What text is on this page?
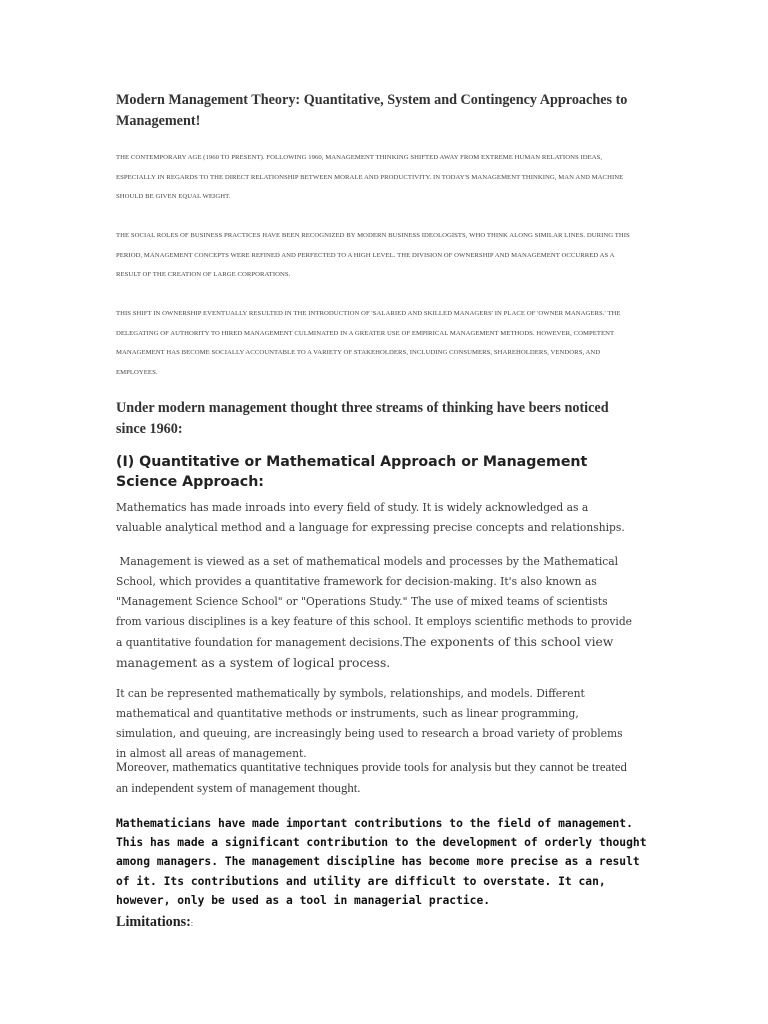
Modern Management Theory: Quantitative, System and Contingency Approaches to Management!

THE CONTEMPORARY AGE (1960 TO PRESENT). FOLLOWING 1960, MANAGEMENT THINKING SHIFTED AWAY FROM EXTREME HUMAN RELATIONS IDEAS, ESPECIALLY IN REGARDS TO THE DIRECT RELATIONSHIP BETWEEN MORALE AND PRODUCTIVITY. IN TODAY'S MANAGEMENT THINKING, MAN AND MACHINE SHOULD BE GIVEN EQUAL WEIGHT.

THE SOCIAL ROLES OF BUSINESS PRACTICES HAVE BEEN RECOGNIZED BY MODERN BUSINESS IDEOLOGISTS, WHO THINK ALONG SIMILAR LINES. DURING THIS PERIOD, MANAGEMENT CONCEPTS WERE REFINED AND PERFECTED TO A HIGH LEVEL. THE DIVISION OF OWNERSHIP AND MANAGEMENT OCCURRED AS A RESULT OF THE CREATION OF LARGE CORPORATIONS.

THIS SHIFT IN OWNERSHIP EVENTUALLY RESULTED IN THE INTRODUCTION OF 'SALARIED AND SKILLED MANAGERS' IN PLACE OF 'OWNER MANAGERS.' THE DELEGATING OF AUTHORITY TO HIRED MANAGEMENT CULMINATED IN A GREATER USE OF EMPIRICAL MANAGEMENT METHODS. HOWEVER, COMPETENT MANAGEMENT HAS BECOME SOCIALLY ACCOUNTABLE TO A VARIETY OF STAKEHOLDERS, INCLUDING CONSUMERS, SHAREHOLDERS, VENDORS, AND EMPLOYEES.

Under modern management thought three streams of thinking have beers noticed since 1960:
(I) Quantitative or Mathematical Approach or Management Science Approach:

Mathematics has made inroads into every field of study. It is widely acknowledged as a valuable analytical method and a language for expressing precise concepts and relationships.

Management is viewed as a set of mathematical models and processes by the Mathematical School, which provides a quantitative framework for decision-making. It's also known as "Management Science School" or "Operations Study." The use of mixed teams of scientists from various disciplines is a key feature of this school. It employs scientific methods to provide a quantitative foundation for management decisions.The exponents of this school view management as a system of logical process.

It can be represented mathematically by symbols, relationships, and models. Different mathematical and quantitative methods or instruments, such as linear programming, simulation, and queuing, are increasingly being used to research a broad variety of problems in almost all areas of management.

Moreover, mathematics quantitative techniques provide tools for analysis but they cannot be treated an independent system of management thought.

Mathematicians have made important contributions to the field of management. This has made a significant contribution to the development of orderly thought among managers. The management discipline has become more precise as a result of it. Its contributions and utility are difficult to overstate. It can, however, only be used as a tool in managerial practice.

Limitations::
